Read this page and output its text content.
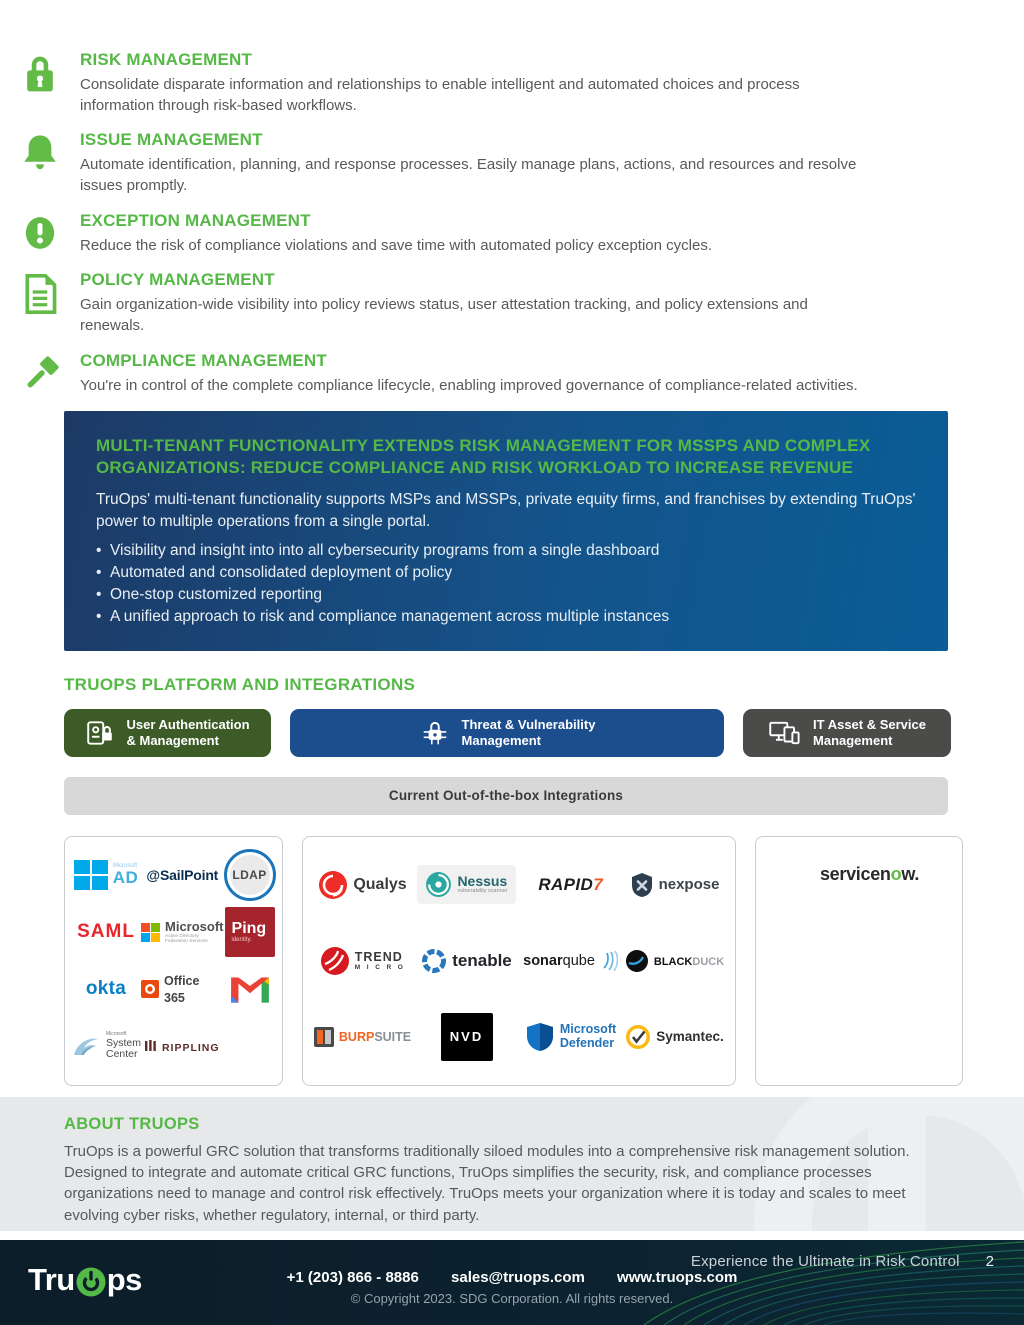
RISK MANAGEMENT
Consolidate disparate information and relationships to enable intelligent and automated choices and process information through risk-based workflows.
ISSUE MANAGEMENT
Automate identification, planning, and response processes. Easily manage plans, actions, and resources and resolve issues promptly.
EXCEPTION MANAGEMENT
Reduce the risk of compliance violations and save time with automated policy exception cycles.
POLICY MANAGEMENT
Gain organization-wide visibility into policy reviews status, user attestation tracking, and policy extensions and renewals.
COMPLIANCE MANAGEMENT
You're in control of the complete compliance lifecycle, enabling improved governance of compliance-related activities.
MULTI-TENANT FUNCTIONALITY EXTENDS RISK MANAGEMENT FOR MSSPS AND COMPLEX ORGANIZATIONS: REDUCE COMPLIANCE AND RISK WORKLOAD TO INCREASE REVENUE

TruOps' multi-tenant functionality supports MSPs and MSSPs, private equity firms, and franchises by extending TruOps' power to multiple operations from a single portal.

• Visibility and insight into into all cybersecurity programs from a single dashboard
• Automated and consolidated deployment of policy
• One-stop customized reporting
• A unified approach to risk and compliance management across multiple instances
TRUOPS PLATFORM AND INTEGRATIONS
User Authentication
& Management
Threat & Vulnerability
Management
IT Asset & Service
Management
Current Out-of-the-box Integrations
Microsoft
AD @SailPoint LDAP
SAML Microsoft
Active Directory
Federation Services
Ping
identity.
okta	Office 365
Microsoft
System Center
RIPPLING
Qualys	Nessus
vulnerability scanner RAPID7	nexpose
TREND
M I C R O	tenable sonarqube	BLACKDUCK
BURPSUITE	NVD	Microsoft
Defender	Symantec.
servicenow.
ABOUT TRUOPS

TruOps is a powerful GRC solution that transforms traditionally siloed modules into a comprehensive risk management solution. Designed to integrate and automate critical GRC functions, TruOps simplifies the security, risk, and compliance processes organizations need to manage and control risk effectively. TruOps meets your organization where it is today and scales to meet evolving cyber risks, whether regulatory, internal, or third party.

Tru ps	+1 (203) 866 - 8886 sales@truops.com www.truops.com
© Copyright 2023. SDG Corporation. All rights reserved.
Experience the Ultimate in Risk Control 2
